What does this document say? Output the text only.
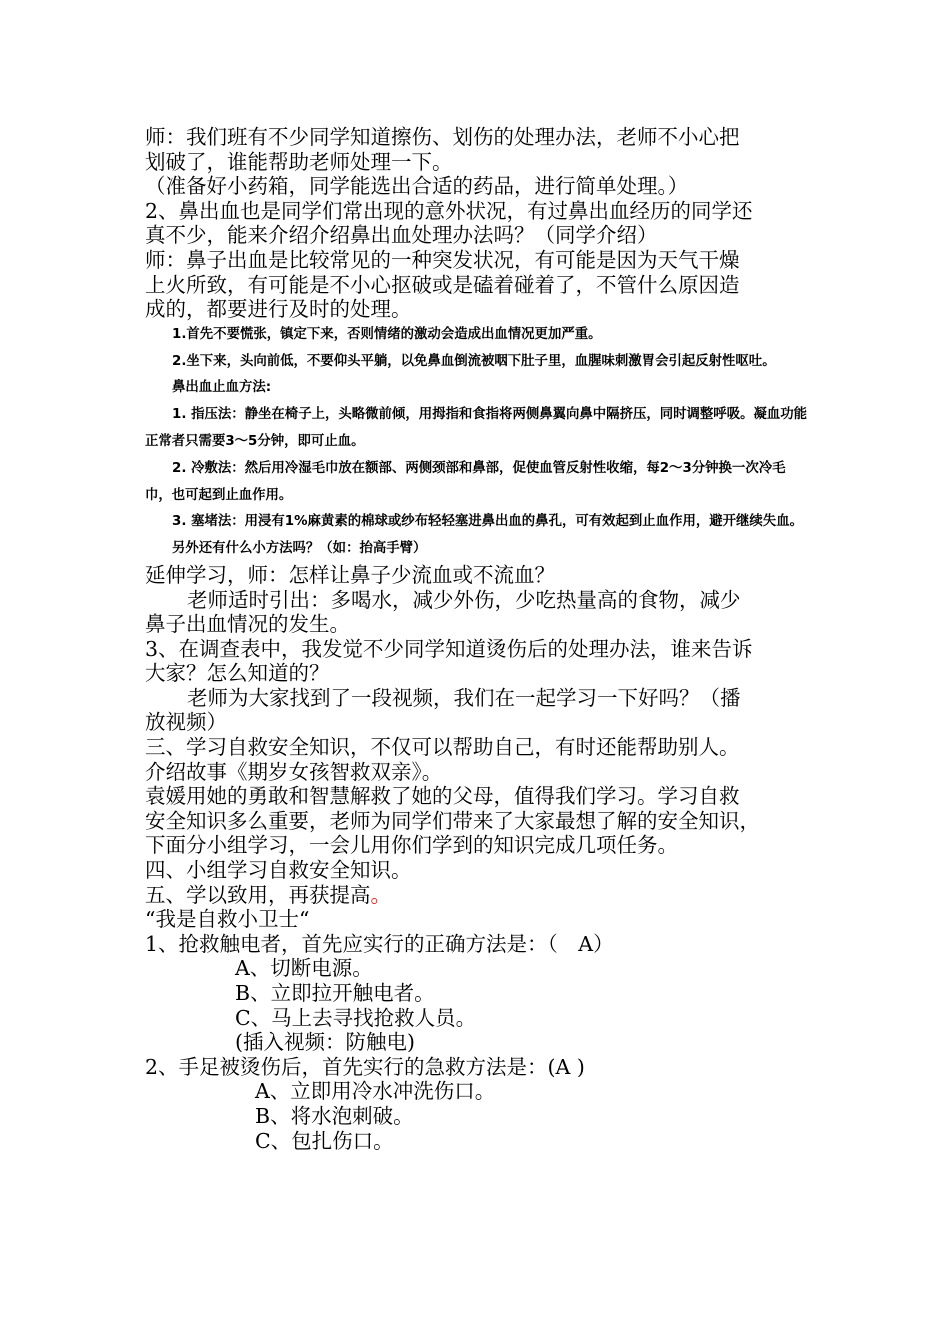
师：我们班有不少同学知道擦伤、划伤的处理办法，老师不小心把

划破了，谁能帮助老师处理一下。

（准备好小药箱，同学能选出合适的药品，进行简单处理。）

2、鼻出血也是同学们常出现的意外状况，有过鼻出血经历的同学还

真不少，能来介绍介绍鼻出血处理办法吗？（同学介绍）

师：鼻子出血是比较常见的一种突发状况，有可能是因为天气干燥

上火所致，有可能是不小心抠破或是磕着碰着了，不管什么原因造

成的，都要进行及时的处理。

1.首先不要慌张，镇定下来，否则情绪的激动会造成出血情况更加严重。

2.坐下来，头向前低，不要仰头平躺，以免鼻血倒流被咽下肚子里，血腥味刺激胃会引起反射性呕吐。

鼻出血止血方法:

1. 指压法：静坐在椅子上，头略微前倾，用拇指和食指将两侧鼻翼向鼻中隔挤压，同时调整呼吸。凝血功能正常者只需要3～5分钟，即可止血。

2. 冷敷法：然后用冷湿毛巾放在额部、两侧颈部和鼻部，促使血管反射性收缩，每2～3分钟换一次冷毛巾，也可起到止血作用。

3. 塞堵法：用浸有1%麻黄素的棉球或纱布轻轻塞进鼻出血的鼻孔，可有效起到止血作用，避开继续失血。

另外还有什么小方法吗？（如：抬高手臂）

延伸学习，师：怎样让鼻子少流血或不流血？

老师适时引出：多喝水，减少外伤，少吃热量高的食物，减少

鼻子出血情况的发生。

3、在调查表中，我发觉不少同学知道烫伤后的处理办法，谁来告诉

大家？怎么知道的？

老师为大家找到了一段视频，我们在一起学习一下好吗？（播

放视频）

三、学习自救安全知识，不仅可以帮助自己，有时还能帮助别人。

介绍故事《期岁女孩智救双亲》。

袁媛用她的勇敢和智慧解救了她的父母，值得我们学习。学习自救

安全知识多么重要，老师为同学们带来了大家最想了解的安全知识，

下面分小组学习，一会儿用你们学到的知识完成几项任务。

四、小组学习自救安全知识。

五、学以致用，再获提高。

“我是自救小卫士“

1、抢救触电者，首先应实行的正确方法是：（　A）

A、切断电源。

B、立即拉开触电者。

C、马上去寻找抢救人员。

(插入视频：防触电)

2、手足被烫伤后，首先实行的急救方法是：(A )

A、立即用冷水冲洗伤口。

B、将水泡刺破。

C、包扎伤口。
